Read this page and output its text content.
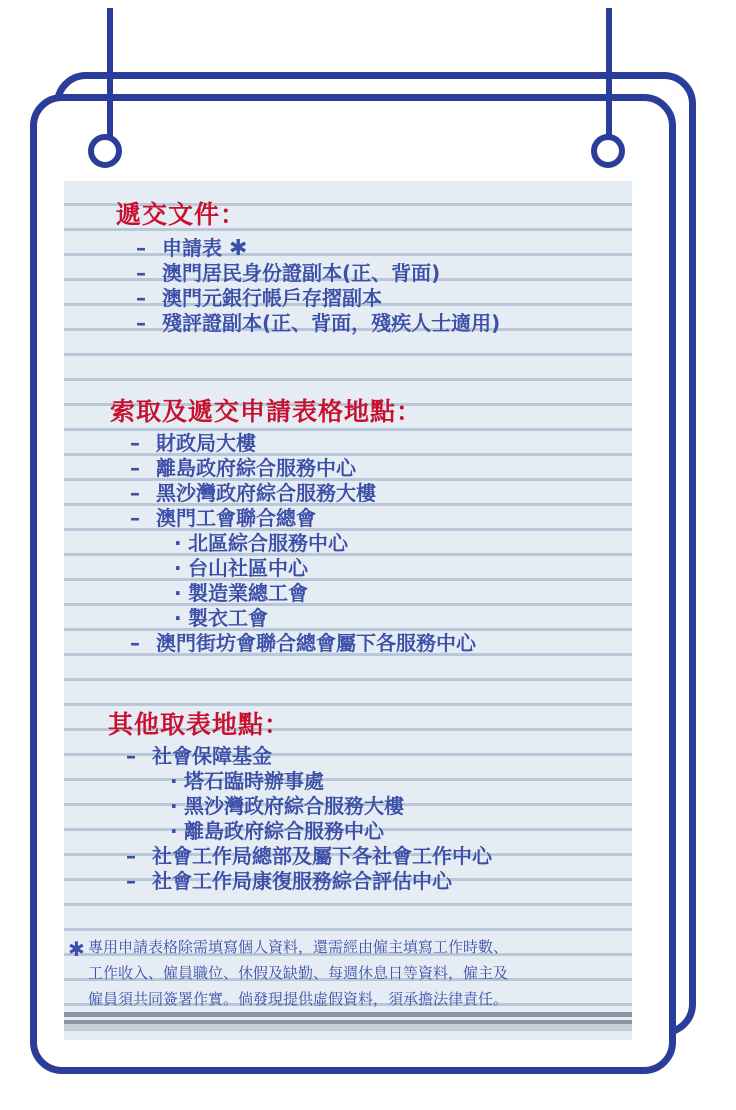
遞交文件：
– 申請表 ✱
– 澳門居民身份證副本(正、背面)
– 澳門元銀行帳戶存摺副本
– 殘評證副本(正、背面，殘疾人士適用)
索取及遞交申請表格地點：
– 財政局大樓
– 離島政府綜合服務中心
– 黑沙灣政府綜合服務大樓
– 澳門工會聯合總會
· 北區綜合服務中心
· 台山社區中心
· 製造業總工會
· 製衣工會
– 澳門街坊會聯合總會屬下各服務中心
其他取表地點：
– 社會保障基金
· 塔石臨時辦事處
· 黑沙灣政府綜合服務大樓
· 離島政府綜合服務中心
– 社會工作局總部及屬下各社會工作中心
– 社會工作局康復服務綜合評估中心
✱ 專用申請表格除需填寫個人資料，還需經由僱主填寫工作時數、
工作收入、僱員職位、休假及缺勤、每週休息日等資料，僱主及
僱員須共同簽署作實。倘發現提供虛假資料，須承擔法律責任。
